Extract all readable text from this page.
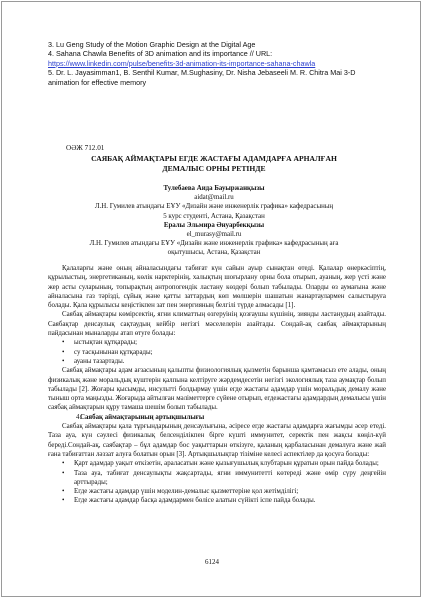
3. Lu Geng Study of the Motion Graphic Design at the Digital Age

4. Sahana Chawla Benefits of 3D animation and its importance // URL:

https://www.linkedin.com/pulse/benefits-3d-animation-its-importance-sahana-chawla

5. Dr. L. Jayasimman1, B. Senthil Kumar, M.Sughasiny, Dr. Nisha Jebaseeli M. R. Chitra Mai 3-D animation for effective memory

ОӘЖ 712.01
САЯБАҚ АЙМАҚТАРЫ ЕГДЕ ЖАСТАҒЫ АДАМДАРҒА АРНАЛҒАН
ДЕМАЛЫС ОРНЫ РЕТІНДЕ
Тулебаева Аида Бауыржанқызы
aidat@mail.ru
Л.Н. Гумилев атындағы ЕҰУ «Дизайн және инженерлік графика» кафедрасының
5 курс студенті, Астана, Қазақстан
Ералы Эльмира Әнуарбекқызы
el_murasy@mail.ru
Л.Н. Гумилев атындағы ЕҰУ «Дизайн және инженерлік графика» кафедрасының аға
оқытушысы, Астана, Қазақстан

Қалаларғы және оның айналасындағы табиғат күн сайын ауыр сынақтан өтеді. Қалалар өнеркәсіптің, құрылыстың, энергетиканың, көлік нарктерінің, халықтың шоғырлану орны бола отырып, ауаның, жер үсті және жер асты суларының, топырақтың антропогендік ластану көздері болып табылады. Оларды өз аумағына және айналасына газ тәрізді, сұйық және қатты заттардың көп мөлшерін шашатын жанартаулармен салыстыруға болады. Қала құрылысы кеңістікпен зат пен энергияның белгілі түрде алмасады [1].

Саябақ аймақтары көмірсектің, ягни климаттың өзгеруінің қозғаушы күшінің, зиянды ластанудың азайтады. Саябақтар денсаулық сақтаудың кейбір негізгі мәселелерін азайтады. Сондай-ақ саябақ аймақтарының пайдасынан мыналарды атап өтуге болады:

• ыстықтан құтқарады;
• су тасқынынан құтқарады;
• ауаны тазартады.

Саябақ аймақтары адам ағзасының қалыпты физиологиялық қызметін барынша қамтамасыз ете алады, оның физикалық және моральдық күштерін қалпына келтіруге жәрдемдесетін негізгі экологиялық таза аумақтар болып табылады [2]. Жоғары қысымды, инсультті болдырмау үшін егде жастағы адамдар үшін моральдық демалу және тыныш орта маңызды. Жоғарыда айтылған мәліметтерге сүйене отырып, егдежастағы адамдардың демалысы үшін саябақ аймақтарын құру тамаша шешім болып табылады.

4.Саябақ аймақтарының артықшылығы

Саябақ аймақтары қала тұрғындарының денсаулығына, әсіресе егде жастағы адамдарға жағымды әсер етеді. Таза ауа, күн сәулесі физикалық белсенділікпен бірге күшті иммунитет, серектік пен жақсы көңіл-күй береді.Сондай-ақ, саябақтар – бұл адамдар бос уақыттарын өткізуге, қаланың қарбаласынан демалуға және жай ғана табиғаттан ләззат алуға болатын орын [3]. Артықшылықтар тізіміне келесі аспектілер да қосуға болады:

• Қарт адамдар уақыт өткізетін, араласатын және қызығушылық клубтарын құратын орын пайда болады;
• Таза ауа, табиғат денсаулықты жақсартады, ягни иммунитетті көтереді және өмір сүру деңгейін арттырады;
• Егде жастағы адамдар үшін моделин-демалыс қызметтеріне қол жетімділігі;
• Егде жастағы адамдар басқа адамдармен бөлісе алатын сүйікті іспе пайда болады.
6124
